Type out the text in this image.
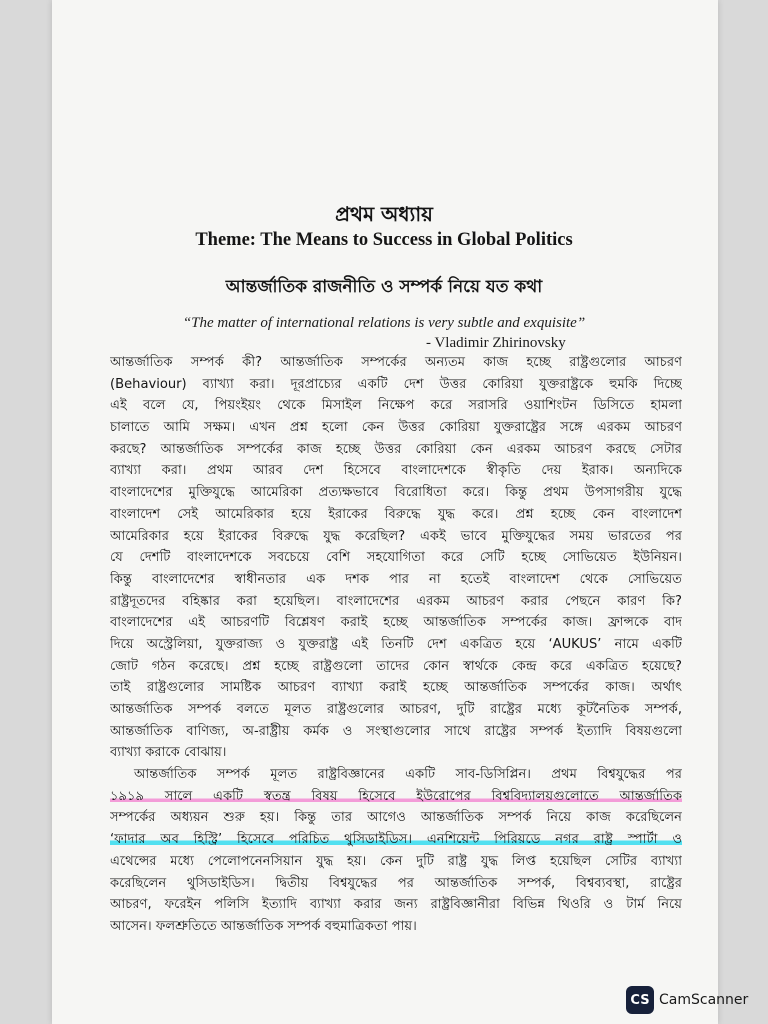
প্রথম অধ্যায়
Theme: The Means to Success in Global Politics
আন্তর্জাতিক রাজনীতি ও সম্পর্ক নিয়ে যত কথা
“The matter of international relations is very subtle and exquisite”
- Vladimir Zhirinovsky
আন্তর্জাতিক সম্পর্ক কী? আন্তর্জাতিক সম্পর্কের অন্যতম কাজ হচ্ছে রাষ্ট্রগুলোর আচরণ
(Behaviour) ব্যাখ্যা করা। দূরপ্রাচ্যের একটি দেশ উত্তর কোরিয়া যুক্তরাষ্ট্রকে হুমকি দিচ্ছে
এই বলে যে, পিয়ংইয়ং থেকে মিসাইল নিক্ষেপ করে সরাসরি ওয়াশিংটন ডিসিতে হামলা
চালাতে আমি সক্ষম। এখন প্রশ্ন হলো কেন উত্তর কোরিয়া যুক্তরাষ্ট্রের সঙ্গে এরকম আচরণ
করছে? আন্তর্জাতিক সম্পর্কের কাজ হচ্ছে উত্তর কোরিয়া কেন এরকম আচরণ করছে সেটার
ব্যাখ্যা করা। প্রথম আরব দেশ হিসেবে বাংলাদেশকে স্বীকৃতি দেয় ইরাক। অন্যদিকে
বাংলাদেশের মুক্তিযুদ্ধে আমেরিকা প্রত্যক্ষভাবে বিরোধিতা করে। কিন্তু প্রথম উপসাগরীয় যুদ্ধে
বাংলাদেশ সেই আমেরিকার হয়ে ইরাকের বিরুদ্ধে যুদ্ধ করে। প্রশ্ন হচ্ছে কেন বাংলাদেশ
আমেরিকার হয়ে ইরাকের বিরুদ্ধে যুদ্ধ করেছিল? একই ভাবে মুক্তিযুদ্ধের সময় ভারতের পর
যে দেশটি বাংলাদেশকে সবচেয়ে বেশি সহযোগিতা করে সেটি হচ্ছে সোভিয়েত ইউনিয়ন।
কিন্তু বাংলাদেশের স্বাধীনতার এক দশক পার না হতেই বাংলাদেশ থেকে সোভিয়েত
রাষ্ট্রদূতদের বহিষ্কার করা হয়েছিল। বাংলাদেশের এরকম আচরণ করার পেছনে কারণ কি?
বাংলাদেশের এই আচরণটি বিশ্লেষণ করাই হচ্ছে আন্তর্জাতিক সম্পর্কের কাজ। ফ্রান্সকে বাদ
দিয়ে অস্ট্রেলিয়া, যুক্তরাজ্য ও যুক্তরাষ্ট্র এই তিনটি দেশ একত্রিত হয়ে ‘AUKUS’ নামে একটি
জোট গঠন করেছে। প্রশ্ন হচ্ছে রাষ্ট্রগুলো তাদের কোন স্বার্থকে কেন্দ্র করে একত্রিত হয়েছে?
তাই রাষ্ট্রগুলোর সামষ্টিক আচরণ ব্যাখ্যা করাই হচ্ছে আন্তর্জাতিক সম্পর্কের কাজ। অর্থাৎ
আন্তর্জাতিক সম্পর্ক বলতে মূলত রাষ্ট্রগুলোর আচরণ, দুটি রাষ্ট্রের মধ্যে কূটনৈতিক সম্পর্ক,
আন্তর্জাতিক বাণিজ্য, অ-রাষ্ট্রীয় কর্মক ও সংস্থাগুলোর সাথে রাষ্ট্রের সম্পর্ক ইত্যাদি বিষয়গুলো
ব্যাখ্যা করাকে বোঝায়।
আন্তর্জাতিক সম্পর্ক মূলত রাষ্ট্রবিজ্ঞানের একটি সাব-ডিসিপ্লিন। প্রথম বিশ্বযুদ্ধের পর
১৯১৯ সালে একটি স্বতন্ত্র বিষয় হিসেবে ইউরোপের বিশ্ববিদ্যালয়গুলোতে আন্তর্জাতিক
সম্পর্কের অধ্যয়ন শুরু হয়। কিন্তু তার আগেও আন্তর্জাতিক সম্পর্ক নিয়ে কাজ করেছিলেন
‘ফাদার অব হিস্ট্রি’ হিসেবে পরিচিত থুসিডাইডিস। এনশিয়েন্ট পিরিয়ডে নগর রাষ্ট্র স্পার্টা ও
এথেন্সের মধ্যে পেলোপনেনসিয়ান যুদ্ধ হয়। কেন দুটি রাষ্ট্র যুদ্ধ লিপ্ত হয়েছিল সেটির ব্যাখ্যা
করেছিলেন থুসিডাইডিস। দ্বিতীয় বিশ্বযুদ্ধের পর আন্তর্জাতিক সম্পর্ক, বিশ্বব্যবস্থা, রাষ্ট্রের
আচরণ, ফরেইন পলিসি ইত্যাদি ব্যাখ্যা করার জন্য রাষ্ট্রবিজ্ঞানীরা বিভিন্ন থিওরি ও টার্ম নিয়ে
আসেন। ফলশ্রুতিতে আন্তর্জাতিক সম্পর্ক বহুমাত্রিকতা পায়।
CS CamScanner
